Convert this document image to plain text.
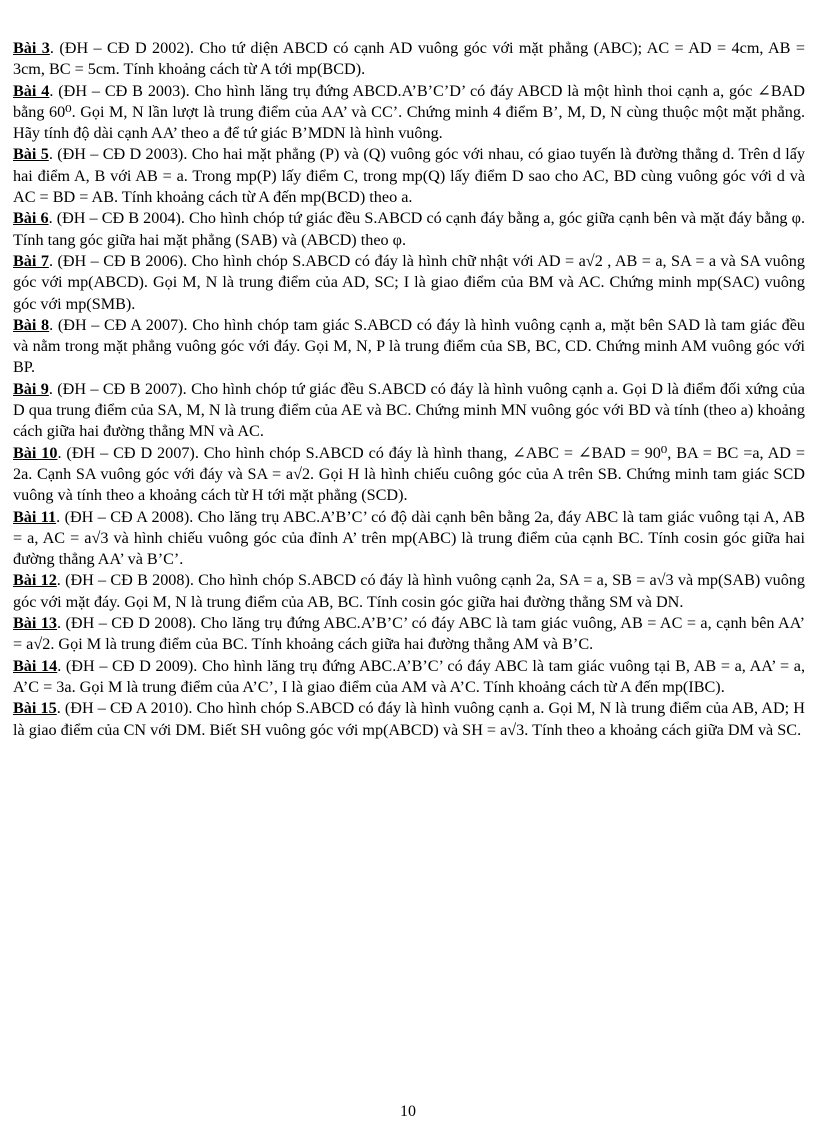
Bài 3. (ĐH – CĐ D 2002). Cho tứ diện ABCD có cạnh AD vuông góc với mặt phẳng (ABC); AC = AD = 4cm, AB = 3cm, BC = 5cm. Tính khoảng cách từ A tới mp(BCD).

Bài 4. (ĐH – CĐ B 2003). Cho hình lăng trụ đứng ABCD.A’B’C’D’ có đáy ABCD là một hình thoi cạnh a, góc ∠BAD bằng 60⁰. Gọi M, N lần lượt là trung điểm của AA’ và CC’. Chứng minh 4 điểm B’, M, D, N cùng thuộc một mặt phẳng. Hãy tính độ dài cạnh AA’ theo a để tứ giác B’MDN là hình vuông.

Bài 5. (ĐH – CĐ D 2003). Cho hai mặt phẳng (P) và (Q) vuông góc với nhau, có giao tuyến là đường thẳng d. Trên d lấy hai điểm A, B với AB = a. Trong mp(P) lấy điểm C, trong mp(Q) lấy điểm D sao cho AC, BD cùng vuông góc với d và AC = BD = AB. Tính khoảng cách từ A đến mp(BCD) theo a.

Bài 6. (ĐH – CĐ B 2004). Cho hình chóp tứ giác đều S.ABCD có cạnh đáy bằng a, góc giữa cạnh bên và mặt đáy bằng φ. Tính tang góc giữa hai mặt phẳng (SAB) và (ABCD) theo φ.

Bài 7. (ĐH – CĐ B 2006). Cho hình chóp S.ABCD có đáy là hình chữ nhật với AD = a√2 , AB = a, SA = a và SA vuông góc với mp(ABCD). Gọi M, N là trung điểm của AD, SC; I là giao điểm của BM và AC. Chứng minh mp(SAC) vuông góc với mp(SMB).

Bài 8. (ĐH – CĐ A 2007). Cho hình chóp tam giác S.ABCD có đáy là hình vuông cạnh a, mặt bên SAD là tam giác đều và nằm trong mặt phẳng vuông góc với đáy. Gọi M, N, P là trung điểm của SB, BC, CD. Chứng minh AM vuông góc với BP.

Bài 9. (ĐH – CĐ B 2007). Cho hình chóp tứ giác đều S.ABCD có đáy là hình vuông cạnh a. Gọi D là điểm đối xứng của D qua trung điểm của SA, M, N là trung điểm của AE và BC. Chứng minh MN vuông góc với BD và tính (theo a) khoảng cách giữa hai đường thẳng MN và AC.

Bài 10. (ĐH – CĐ D 2007). Cho hình chóp S.ABCD có đáy là hình thang, ∠ABC = ∠BAD = 90⁰, BA = BC =a, AD = 2a. Cạnh SA vuông góc với đáy và SA = a√2. Gọi H là hình chiếu cuông góc của A trên SB. Chứng minh tam giác SCD vuông và tính theo a khoảng cách từ H tới mặt phẳng (SCD).

Bài 11. (ĐH – CĐ A 2008). Cho lăng trụ ABC.A’B’C’ có độ dài cạnh bên bằng 2a, đáy ABC là tam giác vuông tại A, AB = a, AC = a√3 và hình chiếu vuông góc của đỉnh A’ trên mp(ABC) là trung điểm của cạnh BC. Tính cosin góc giữa hai đường thẳng AA’ và B’C’.

Bài 12. (ĐH – CĐ B 2008). Cho hình chóp S.ABCD có đáy là hình vuông cạnh 2a, SA = a, SB = a√3 và mp(SAB) vuông góc với mặt đáy. Gọi M, N là trung điểm của AB, BC. Tính cosin góc giữa hai đường thẳng SM và DN.

Bài 13. (ĐH – CĐ D 2008). Cho lăng trụ đứng ABC.A’B’C’ có đáy ABC là tam giác vuông, AB = AC = a, cạnh bên AA’ = a√2. Gọi M là trung điểm của BC. Tính khoảng cách giữa hai đường thẳng AM và B’C.

Bài 14. (ĐH – CĐ D 2009). Cho hình lăng trụ đứng ABC.A’B’C’ có đáy ABC là tam giác vuông tại B, AB = a, AA’ = a, A’C = 3a. Gọi M là trung điểm của A’C’, I là giao điểm của AM và A’C. Tính khoảng cách từ A đến mp(IBC).

Bài 15. (ĐH – CĐ A 2010). Cho hình chóp S.ABCD có đáy là hình vuông cạnh a. Gọi M, N là trung điểm của AB, AD; H là giao điểm của CN với DM. Biết SH vuông góc với mp(ABCD) và SH = a√3. Tính theo a khoảng cách giữa DM và SC.

10
